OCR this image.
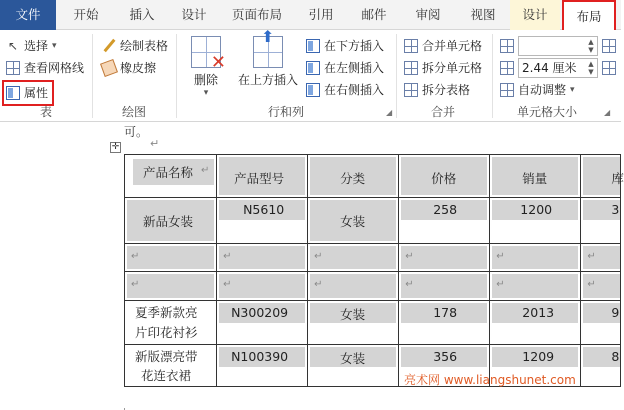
文件	开始	插入	设计	页面布局	引用	邮件	审阅	视图	设计	布局
↖ 选择 ▾
查看网格线
属性
表
绘制表格
橡皮擦
绘图
✕
删除
▾
⬆
在上方插入
在下方插入
在左侧插入
在右侧插入
行和列	◢
合并单元格
拆分单元格
拆分表格
合并
▲
▼
2.44 厘米	▲
▼
自动调整 ▾
单元格大小	◢
可。
↵
✛
产品名称 ↵	产品型号	分类	价格	销量	库

新品女装	N5610	女装	258	1200	3

↵	↵	↵	↵	↵	↵

↵	↵	↵	↵	↵	↵

夏季新款亮
片印花衬衫	N300209	女装	178	2013	9

新版漂亮带
花连衣裙	N100390	女装	356	1209	8
亮术网 www.liangshunet.com
